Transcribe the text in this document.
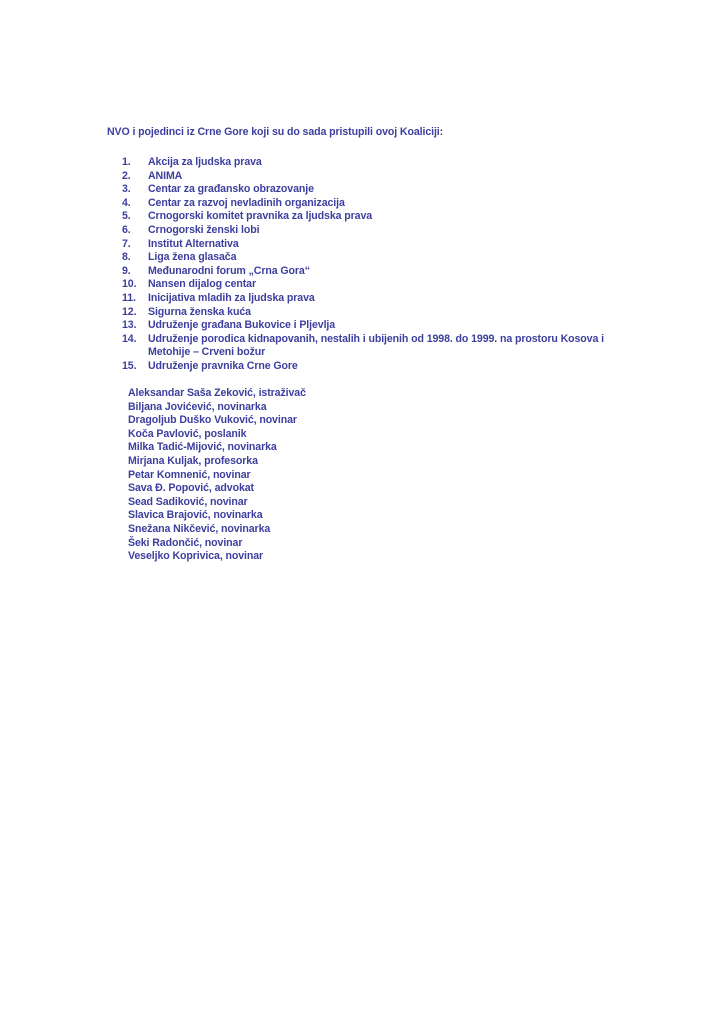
NVO i pojedinci iz Crne Gore koji su do sada pristupili ovoj Koaliciji:
1.	Akcija za ljudska prava
2.	ANIMA
3.	Centar za građansko obrazovanje
4.	Centar za razvoj nevladinih organizacija
5.	Crnogorski komitet pravnika za ljudska prava
6.	Crnogorski ženski lobi
7.	Institut Alternativa
8.	Liga žena glasača
9.	Međunarodni forum „Crna Gora“
10.	Nansen dijalog centar
11.	Inicijativa mladih za ljudska prava
12.	Sigurna ženska kuća
13.	Udruženje građana Bukovice i Pljevlja
14.	Udruženje porodica kidnapovanih, nestalih i ubijenih od 1998. do 1999. na prostoru Kosova i Metohije – Crveni božur
15.	Udruženje pravnika Crne Gore
Aleksandar Saša Zeković, istraživač
Biljana Jovićević, novinarka
Dragoljub Duško Vuković, novinar
Koča Pavlović, poslanik
Milka Tadić-Mijović, novinarka
Mirjana Kuljak, profesorka
Petar Komnenić, novinar
Sava Đ. Popović, advokat
Sead Sadiković, novinar
Slavica Brajović, novinarka
Snežana Nikčević, novinarka
Šeki Radončić, novinar
Veseljko Koprivica, novinar
